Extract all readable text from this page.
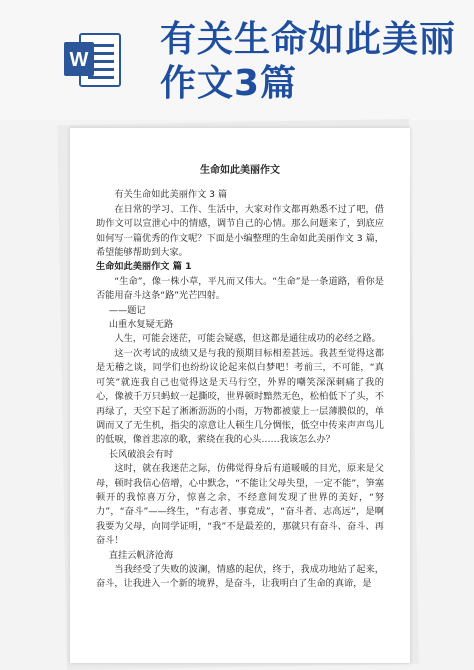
W 有关生命如此美丽
作文3篇
生命如此美丽作文

有关生命如此美丽作文 3 篇

在日常的学习、工作、生活中，大家对作文都再熟悉不过了吧，借助作文可以宣泄心中的情感，调节自己的心情。那么问题来了，到底应如何写一篇优秀的作文呢？下面是小编整理的生命如此美丽作文 3 篇，希望能够帮助到大家。

生命如此美丽作文 篇 1

“生命”，像一株小草，平凡而又伟大。“生命”是一条道路，看你是否能用奋斗这条“路”光芒四射。

——题记

山重水复疑无路

人生，可能会迷茫，可能会疑惑，但这都是通往成功的必经之路。

这一次考试的成绩又是与我的预期目标相差甚远。我甚至觉得这都是无稽之谈，同学们也纷纷议论起来似白梦吧！考前三，不可能，“真可笑”就连我自己也觉得这是天马行空，外界的嘲笑深深刺痛了我的心，像被千万只蚂蚁一起撕咬，世界顿时黯然无色，松柏低下了头，不再绿了，天空下起了淅淅沥沥的小雨，万物都被蒙上一层薄膜似的，单调而又了无生机，指尖的凉意让人顿生几分惆怅，低空中传来声声鸟儿的低唳，像首悲凉的歌，萦绕在我的心头……我该怎么办？

长风破浪会有时

这时，就在我迷茫之际，仿佛觉得身后有道暖暖的目光，原来是父母，顿时我信心倍增，心中默念，“不能让父母失望，一定不能”，笋塞顿开的我惊喜万分，惊喜之余，不经意间发现了世界的美好，“努力”，“奋斗”——终生，“有志者、事竟成”，“奋斗者、志高远”，是啊我要为父母，向同学证明，“我”不是最差的，那就只有奋斗、奋斗、再奋斗！

直挂云帆济沧海

当我经受了失败的波澜，情感的起伏，终于，我成功地站了起来，奋斗，让我进入一个新的境界，是奋斗，让我明白了生命的真谛，是
